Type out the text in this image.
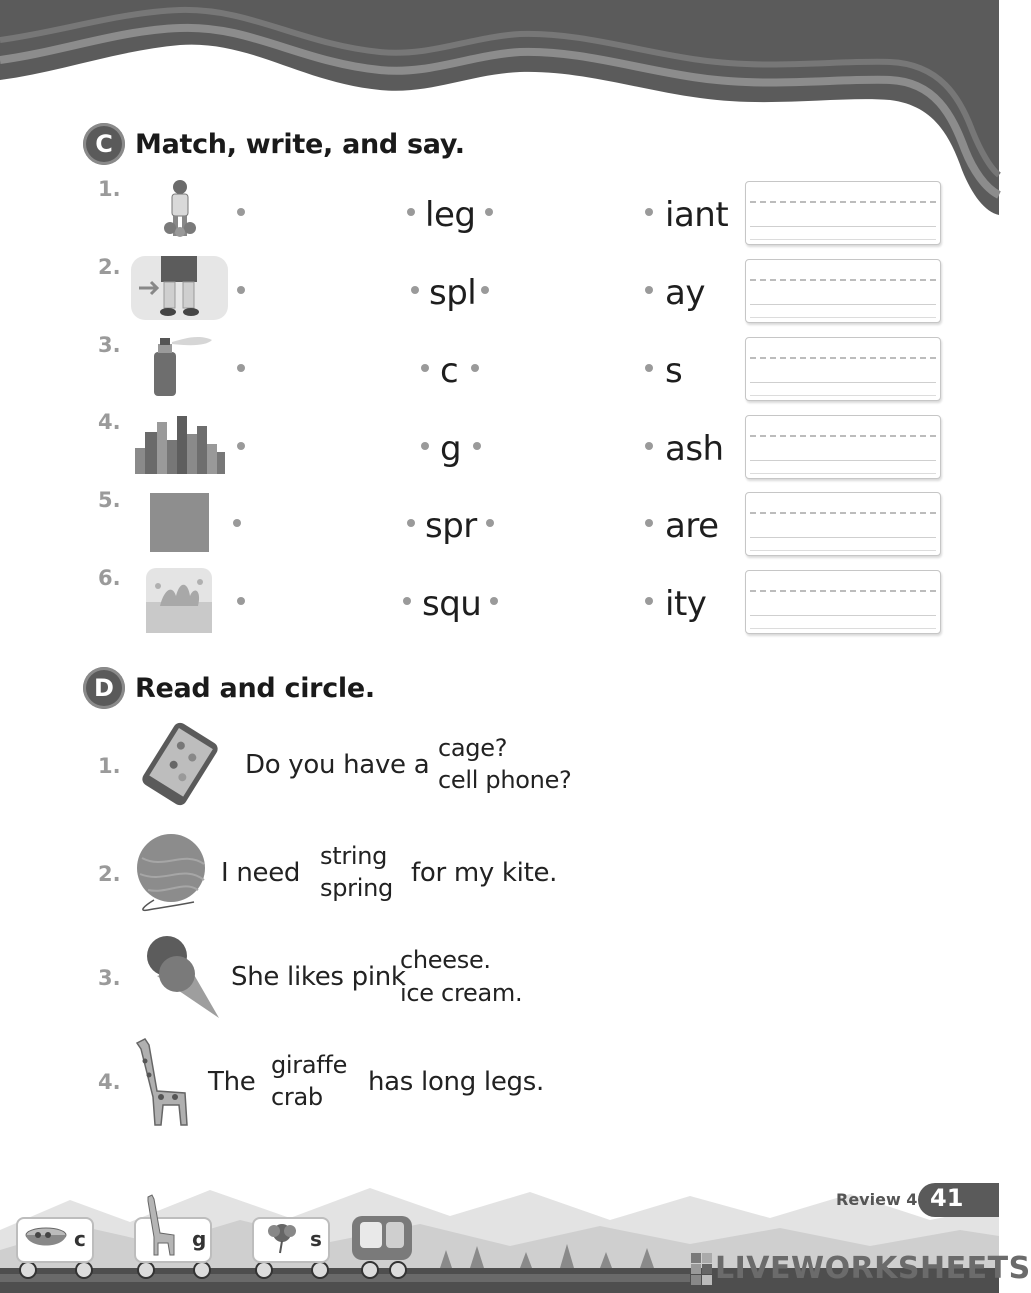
C Match, write, and say.
1.
leg	iant
2.
spl	ay
3.
c	s
4.
g	ash
5.
spr	are
6.
squ	ity
D Read and circle.
1.	Do you have a
cage?
cell phone?
2.	I need
string
spring for my kite.
3.	She likes pink
cheese.
ice cream.
4.	The
giraffe
crab has long legs.
c	g	s
Review 4 41
LIVEWORKSHEETS
